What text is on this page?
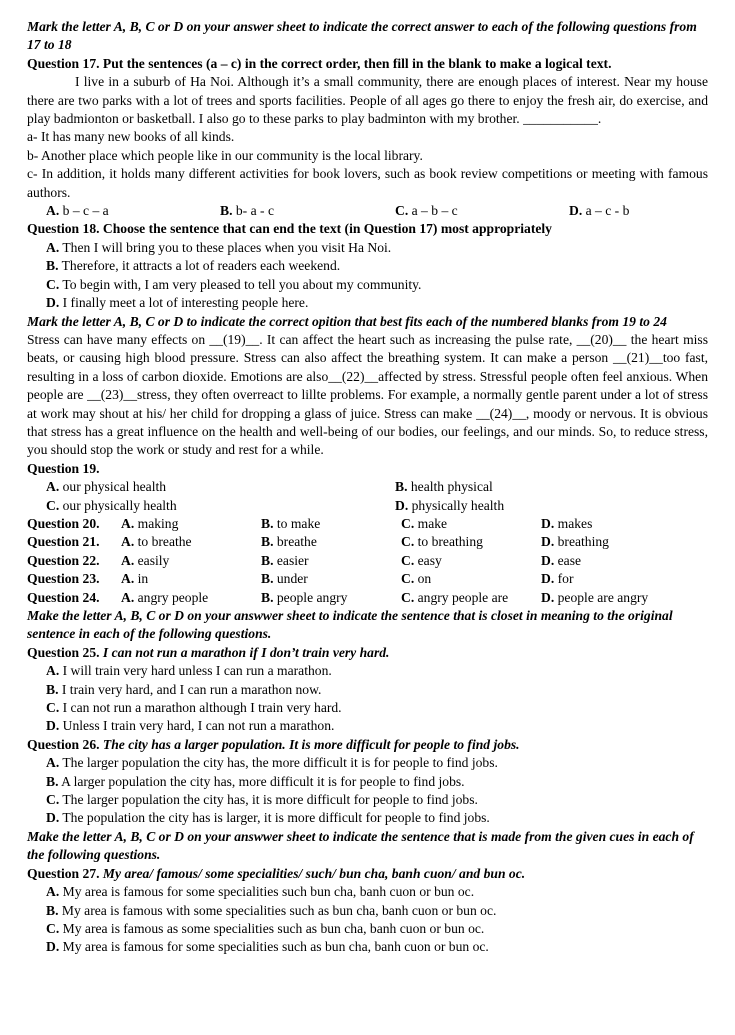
Mark the letter A, B, C or D on your answer sheet to indicate the correct answer to each of the following questions from 17 to 18
Question 17. Put the sentences (a – c) in the correct order, then fill in the blank to make a logical text.
I live in a suburb of Ha Noi. Although it’s a small community, there are enough places of interest. Near my house there are two parks with a lot of trees and sports facilities. People of all ages go there to enjoy the fresh air, do exercise, and play badmionton or basketball. I also go to these parks to play badminton with my brother. ___________.
a- It has many new books of all kinds.
b- Another place which people like in our community is the local library.
c- In addition, it holds many different activities for book lovers, such as book review competitions or meeting with famous authors.
A. b – c – a	B. b- a - c	C. a – b – c	D. a – c - b
Question 18. Choose the sentence that can end the text (in Question 17) most appropriately
A. Then I will bring you to these places when you visit Ha Noi.
B. Therefore, it attracts a lot of readers each weekend.
C. To begin with, I am very pleased to tell you about my community.
D. I finally meet a lot of interesting people here.
Mark the letter A, B, C or D to indicate the correct opition that best fits each of the numbered blanks from 19 to 24
Stress can have many effects on __(19)__. It can affect the heart such as increasing the pulse rate, __(20)__ the heart miss beats, or causing high blood pressure. Stress can also affect the breathing system. It can make a person __(21)__too fast, resulting in a loss of carbon dioxide. Emotions are also__(22)__affected by stress. Stressful people often feel anxious. When people are __(23)__stress, they often overreact to lillte problems. For example, a normally gentle parent under a lot of stress at work may shout at his/ her child for dropping a glass of juice. Stress can make __(24)__, moody or nervous. It is obvious that stress has a great influence on the health and well-being of our bodies, our feelings, and our minds. So, to reduce stress, you should stop the work or study and rest for a while.
Question 19.
A. our physical health	B. health physical
C. our physically health	D. physically health
Question 20.	A. making	B. to make	C. make	D. makes
Question 21.	A. to breathe	B. breathe	C. to breathing	D. breathing
Question 22.	A. easily	B. easier	C. easy	D. ease
Question 23.	A. in	B. under	C. on	D. for
Question 24.	A. angry people	B. people angry	C. angry people are	D. people are angry
Make the letter A, B, C or D on your answwer sheet to indicate the sentence that is closet in meaning to the original sentence in each of the following questions.
Question 25. I can not run a marathon if I don’t train very hard.
A. I will train very hard unless I can run a marathon.
B. I train very hard, and I can run a marathon now.
C. I can not run a marathon although I train very hard.
D. Unless I train very hard, I can not run a marathon.
Question 26. The city has a larger population. It is more difficult for people to find jobs.
A. The larger population the city has, the more difficult it is for people to find jobs.
B. A larger population the city has, more difficult it is for people to find jobs.
C. The larger population the city has, it is more difficult for people to find jobs.
D. The population the city has is larger, it is more difficult for people to find jobs.
Make the letter A, B, C or D on your answwer sheet to indicate the sentence that is made from the given cues in each of the following questions.
Question 27. My area/ famous/ some specialities/ such/ bun cha, banh cuon/ and bun oc.
A. My area is famous for some specialities such bun cha, banh cuon or bun oc.
B. My area is famous with some specialities such as bun cha, banh cuon or bun oc.
C. My area is famous as some specialities such as bun cha, banh cuon or bun oc.
D. My area is famous for some specialities such as bun cha, banh cuon or bun oc.
